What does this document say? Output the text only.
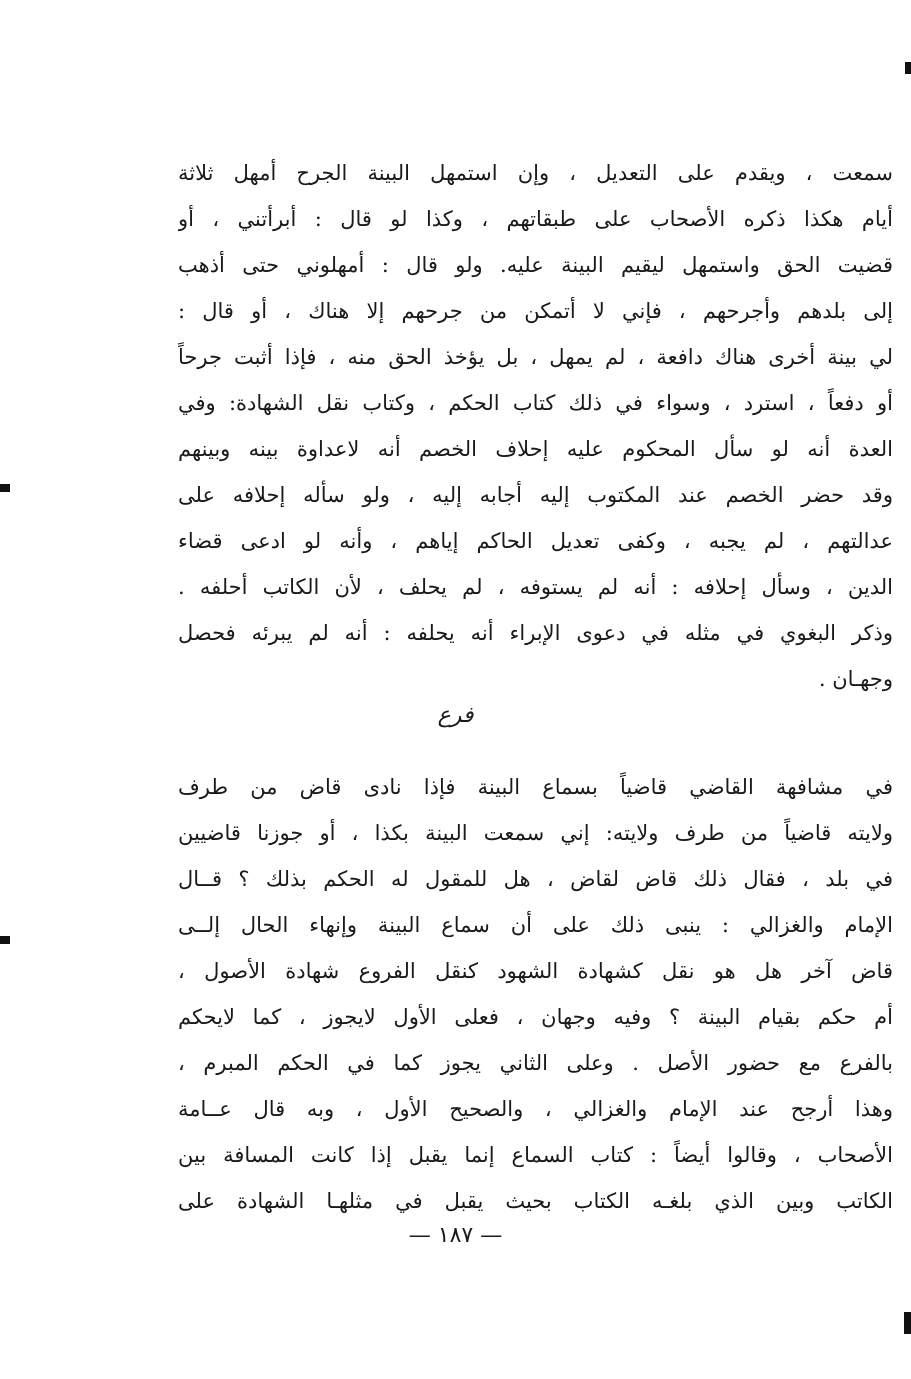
سمعت ، ويقدم على التعديل ، وإن استمهل البينة الجرح أمهل ثلاثة
أيام هكذا ذكره الأصحاب على طبقاتهم ، وكذا لو قال : أبرأتني ، أو
قضيت الحق واستمهل ليقيم البينة عليه. ولو قال : أمهلوني حتى أذهب
إلى بلدهم وأجرحهم ، فإني لا أتمكن من جرحهم إلا هناك ، أو قال :
لي بينة أخرى هناك دافعة ، لم يمهل ، بل يؤخذ الحق منه ، فإذا أثبت جرحاً
أو دفعاً ، استرد ، وسواء في ذلك كتاب الحكم ، وكتاب نقل الشهادة: وفي
العدة أنه لو سأل المحكوم عليه إحلاف الخصم أنه لاعداوة بينه وبينهم
وقد حضر الخصم عند المكتوب إليه أجابه إليه ، ولو سأله إحلافه على
عدالتهم ، لم يجبه ، وكفى تعديل الحاكم إياهم ، وأنه لو ادعى قضاء
الدين ، وسأل إحلافه : أنه لم يستوفه ، لم يحلف ، لأن الكاتب أحلفه .
وذكر البغوي في مثله في دعوى الإبراء أنه يحلفه : أنه لم يبرئه فحصل
وجهـان .
فرع
في مشافهة القاضي قاضياً بسماع البينة فإذا نادى قاض من طرف
ولايته قاضياً من طرف ولايته: إني سمعت البينة بكذا ، أو جوزنا قاضيين
في بلد ، فقال ذلك قاض لقاض ، هل للمقول له الحكم بذلك ؟ قــال
الإمام والغزالي : ينبى ذلك على أن سماع البينة وإنهاء الحال إلــى
قاض آخر هل هو نقل كشهادة الشهود كنقل الفروع شهادة الأصول ،
أم حكم بقيام البينة ؟ وفيه وجهان ، فعلى الأول لايجوز ، كما لايحكم
بالفرع مع حضور الأصل . وعلى الثاني يجوز كما في الحكم المبرم ،
وهذا أرجح عند الإمام والغزالي ، والصحيح الأول ، وبه قال عــامة
الأصحاب ، وقالوا أيضاً : كتاب السماع إنما يقبل إذا كانت المسافة بين
الكاتب وبين الذي بلغـه الكتاب بحيث يقبل في مثلهـا الشهادة على
— ١٨٧ —
